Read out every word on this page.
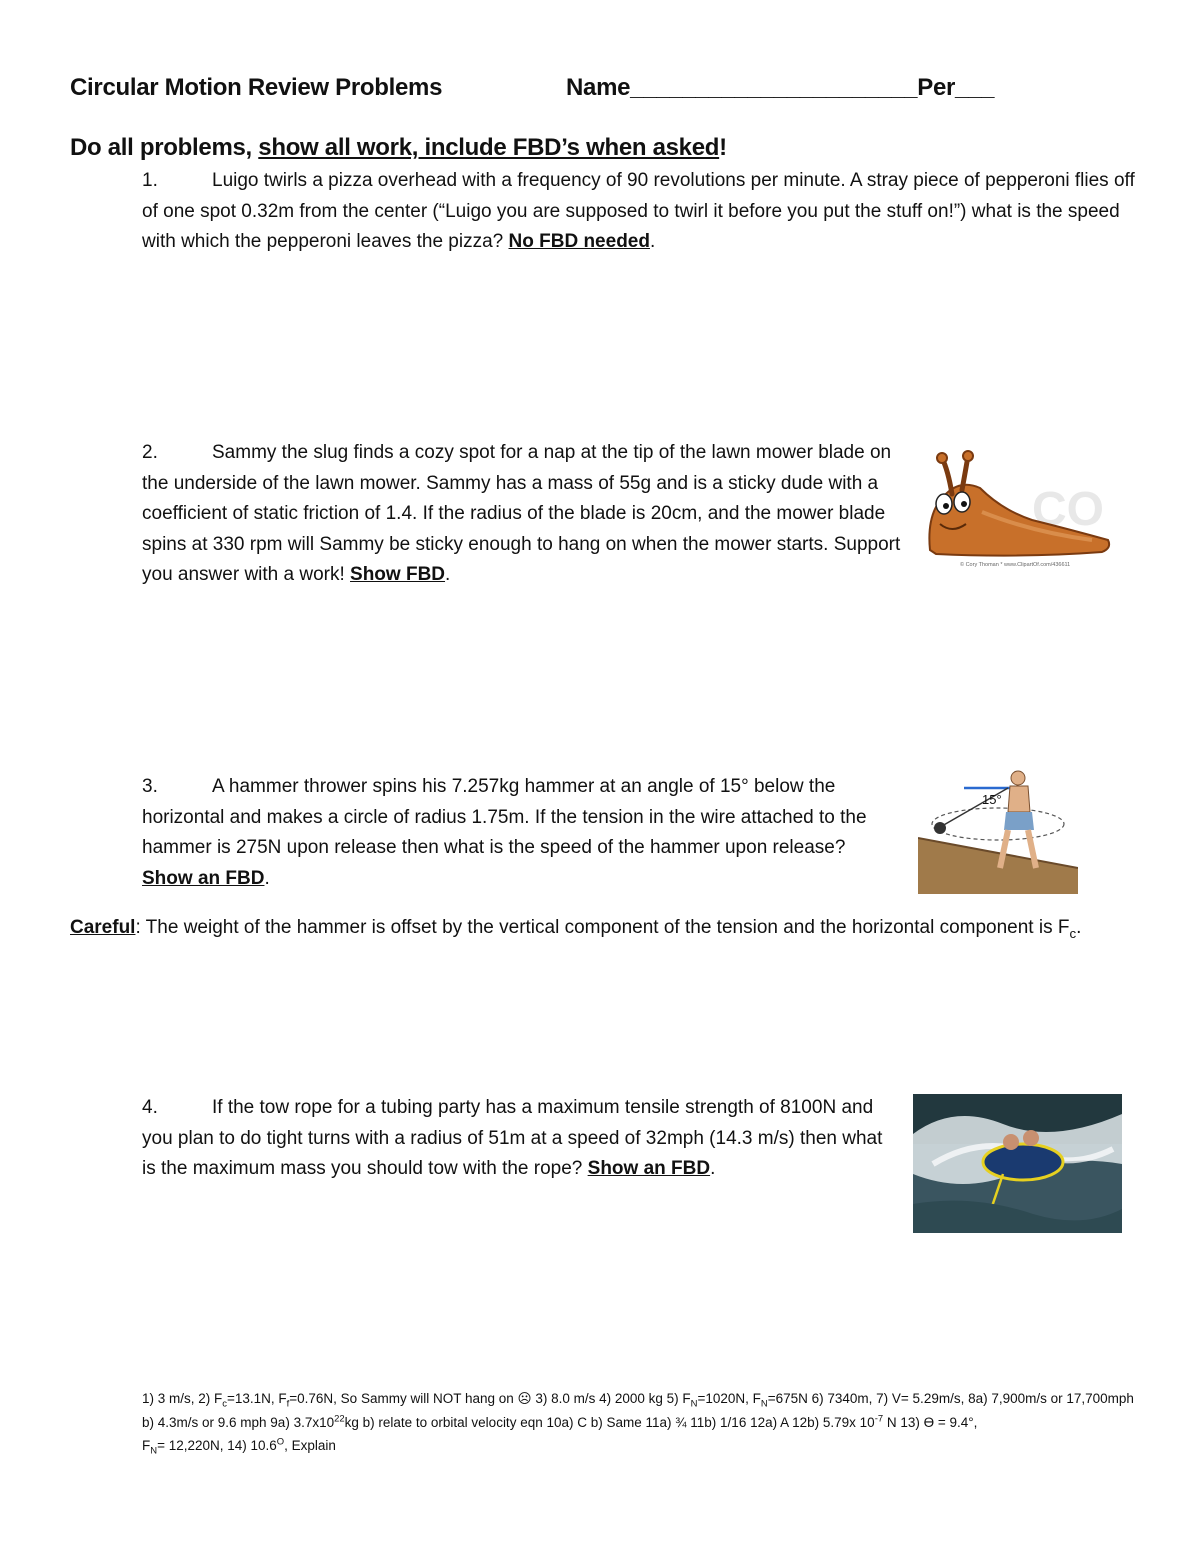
Circular Motion Review Problems	Name______________________Per___
Do all problems, show all work, include FBD’s when asked!
1.	Luigo twirls a pizza overhead with a frequency of 90 revolutions per minute. A stray piece of pepperoni flies off of one spot 0.32m from the center (“Luigo you are supposed to twirl it before you put the stuff on!”) what is the speed with which the pepperoni leaves the pizza? No FBD needed.
2.	Sammy the slug finds a cozy spot for a nap at the tip of the lawn mower blade on the underside of the lawn mower. Sammy has a mass of 55g and is a sticky dude with a coefficient of static friction of 1.4. If the radius of the blade is 20cm, and the mower blade spins at 330 rpm will Sammy be sticky enough to hang on when the mower starts. Support you answer with a work! Show FBD.
CO
© Cory Thoman * www.ClipartOf.com/436611
3.	A hammer thrower spins his 7.257kg hammer at an angle of 15° below the horizontal and makes a circle of radius 1.75m. If the tension in the wire attached to the hammer is 275N upon release then what is the speed of the hammer upon release? Show an FBD.
15°
Careful: The weight of the hammer is offset by the vertical component of the tension and the horizontal component is $F_c$.
4.	If the tow rope for a tubing party has a maximum tensile strength of 8100N and you plan to do tight turns with a radius of 51m at a speed of 32mph (14.3 m/s) then what is the maximum mass you should tow with the rope? Show an FBD.
1) 3 m/s, 2) $F_c=13.1N$, $F_f=0.76N$, So Sammy will NOT hang on ☹ 3) 8.0 m/s 4) 2000 kg 5) $F_N=1020N$, $F_N=675N$ 6) 7340m, 7) V= 5.29m/s, 8a) 7,900m/s or 17,700mph b) 4.3m/s or 9.6 mph 9a) $3.7x10^{22}kg$ b) relate to orbital velocity eqn 10a) C b) Same 11a) ¾ 11b) 1/16 12a) A 12b) 5.79x $10^{-7}$ N 13) Ө = 9.4°,
$F_N= 12,220N$, 14) $10.6^O$, Explain
